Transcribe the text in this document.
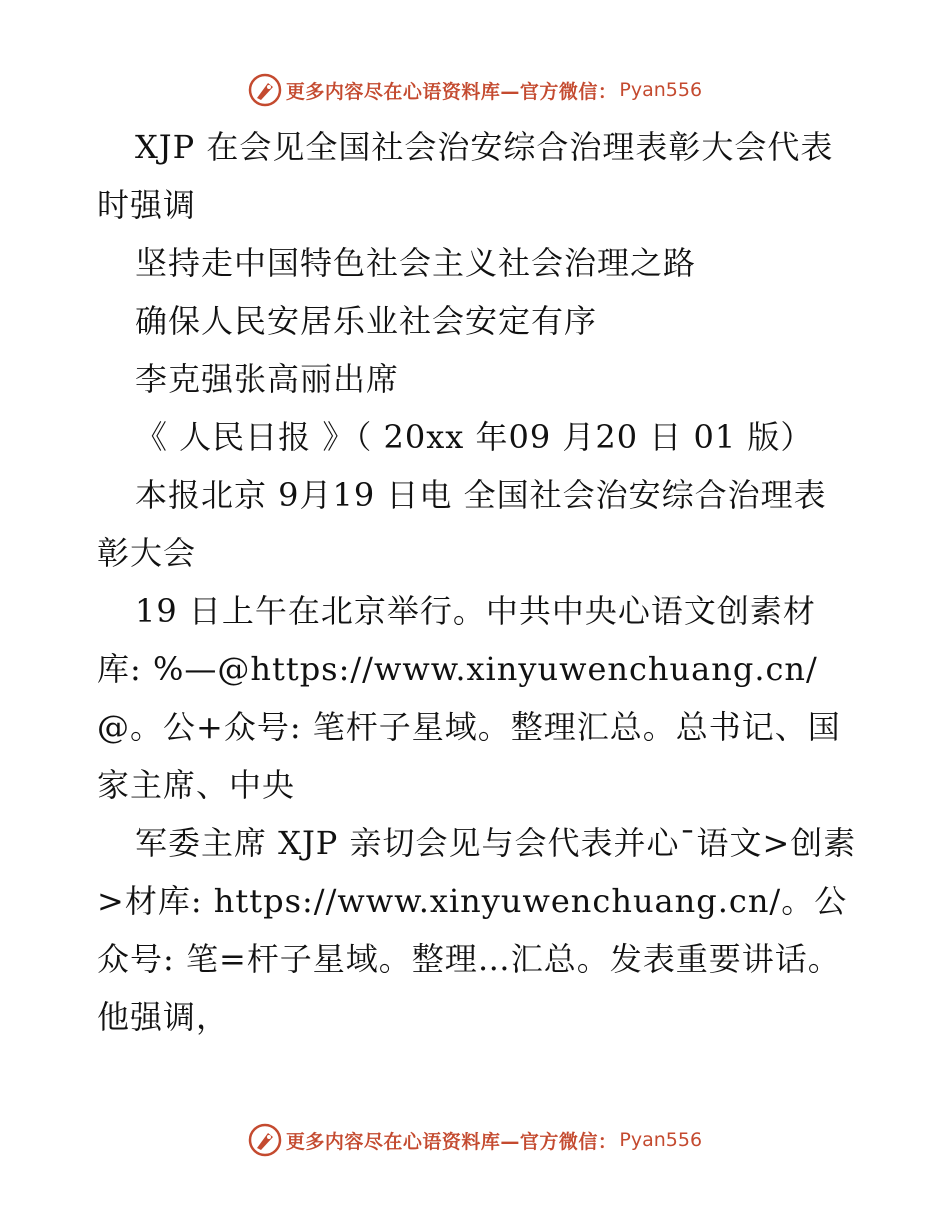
更多内容尽在心语资料库—官方微信： Pyan556

XJP 在会见全国社会治安综合治理表彰大会代表时强调

坚持走中国特色社会主义社会治理之路

确保人民安居乐业社会安定有序

李克强张高丽出席

《 人民日报 》（ 20xx 年09 月20 日 01 版）

本报北京 9月19 日电 全国社会治安综合治理表彰大会

19 日上午在北京举行。中共中央心语文创素材库: %—@https://www.xinyuwenchuang.cn/@。公+众号: 笔杆子星域。整理汇总。总书记、国家主席、中央

军委主席 XJP 亲切会见与会代表并心¯语文>创素>材库: https://www.xinyuwenchuang.cn/。公众号: 笔=杆子星域。整理…汇总。发表重要讲话。他强调，

更多内容尽在心语资料库—官方微信： Pyan556
